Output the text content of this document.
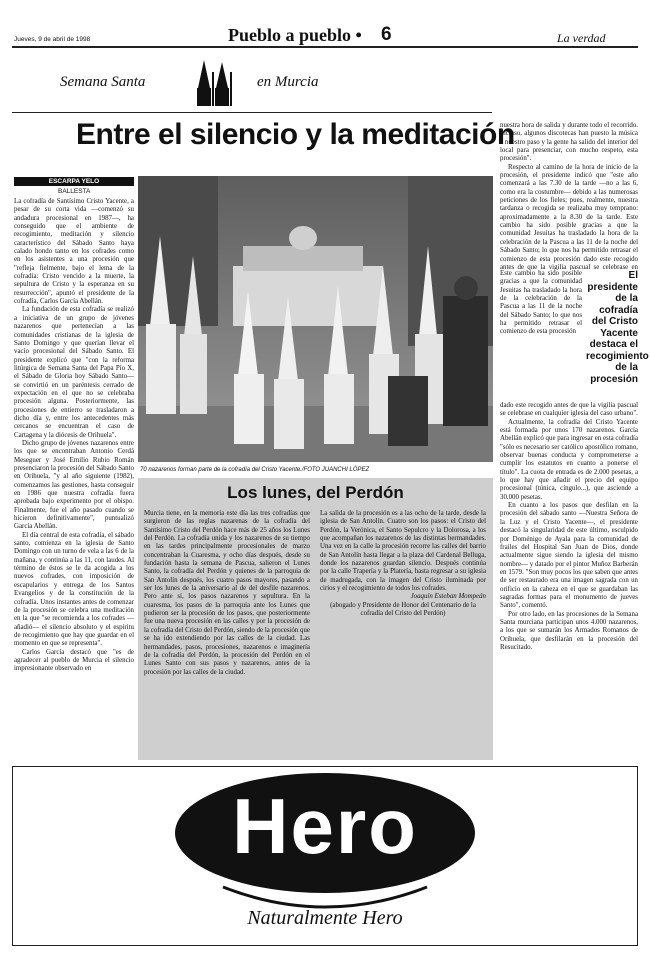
Jueves, 9 de abril de 1998	Pueblo a pueblo • 6	La verdad
Semana Santa	en Murcia
Entre el silencio y la meditación
ESCARPA YELO
BALLESTA

La cofradía de Santísimo Cristo Yacente, a pesar de su corta vida —comenzó su andadura procesional en 1987—, ha conseguido que el ambiente de recogimiento, meditación y silencio característico del Sábado Santo haya calado hondo tanto en los cofrades como en los asistentes a una procesión que "refleja fielmente, bajo el lema de la cofradía: Cristo vencido a la muerte, la sepultura de Cristo y la esperanza en su resurrección", apuntó el presidente de la cofradía, Carlos García Abellán.

La fundación de esta cofradía se realizó a iniciativa de un grupo de jóvenes nazarenos que pertenecían a las comunidades cristianas de la iglesia de Santo Domingo y que querían llevar el vacío procesional del Sábado Santo. El presidente explicó que "con la reforma litúrgica de Semana Santa del Papa Pío X, el Sábado de Gloria hoy Sábado Santo— se convirtió en un paréntesis cerrado de expectación en el que no se celebraba procesión alguna. Posteriormente, las procesiones de entierro se trasladaron a dicho día y, entre los antecedentes más cercanos se encuentran el caso de Cartagena y la diócesis de Orihuela".

Dicho grupo de jóvenes nazarenos entre los que se encontraban Antonio Cerdá Meseguer y José Emilio Rubio Román presenciaron la procesión del Sábado Santo en Orihuela, "y al año siguiente (1982), comenzamos las gestiones, hasta conseguir en 1986 que nuestra cofradía fuera aprobada bajo experimento por el obispo. Finalmente, fue el año pasado cuando se hicieron definitivamente", puntualizó García Abellán.

El día central de esta cofradía, el sábado santo, comienza en la iglesia de Santo Domingo con un turno de vela a las 6 de la mañana, y continúa a las 11, con laudes. Al término de éstos se le da acogida a los nuevos cofrades, con imposición de escapularios y entrega de los Santos Evangelios y de la constitución de la cofradía. Unos instantes antes de comenzar de la procesión se celebra una meditación en la que "se recomienda a los cofrades —añadió— el silencio absoluto y el espíritu de recogimiento que hay que guardar en el momento en que se representa".

Carlos García destacó que "es de agradecer al pueblo de Murcia el silencio impresionante observado en

70 nazarenos forman parte de la cofradía del Cristo Yacente./FOTO JUANCHI LÓPEZ
Los lunes, del Perdón

Murcia tiene, en la memoria este día las tres cofradías que surgieron de las reglas nazarenas de la cofradía del Santísimo Cristo del Perdón hace más de 25 años los Lunes del Perdón. La cofradía unida y los nazarenos de su tiempo en las tardes principalmente procesionales de marzo concentraban la Cuaresma, y ocho días después, desde su fundación hasta la semana de Pascua, salieron el Lunes Santo, la cofradía del Perdón y quienes de la parroquia de San Antolín después, los cuatro pasos mayores, pasando a ser los lunes de la aniversario al de del desfile nazarenos. Pero ante sí, los pasos nazarenos y sepultura. En la cuaresma, los pasos de la parroquia ante los Lunes que pudieron ser la procesión de los pasos, que posteriormente fue una nueva procesión en las calles y por la procesión de la cofradía del Cristo del Perdón, siendo de la procesión que se ha ido extendiendo por las calles de la ciudad. Las hermandades, pasos, procesiones, nazarenos e imaginería de la cofradía del Perdón, la procesión del Perdón en el Lunes Santo con sus pasos y nazarenos, antes de la procesión por las calles de la ciudad.

La salida de la procesión es a las ocho de la tarde, desde la iglesia de San Antolín. Cuatro son los pasos: el Cristo del Perdón, la Verónica, el Santo Sepulcro y la Dolorosa, a los que acompañan los nazarenos de las distintas hermandades. Una vez en la calle la procesión recorre las calles del barrio de San Antolín hasta llegar a la plaza del Cardenal Belluga, donde los nazarenos guardan silencio. Después continúa por la calle Trapería y la Platería, hasta regresar a su iglesia de madrugada, con la imagen del Cristo iluminada por cirios y el recogimiento de todos los cofrades.

Joaquín Esteban Mompeán

(abogado y Presidente de Honor del Centenario de la cofradía del Cristo del Perdón)

nuestra hora de salida y durante todo el recorrido. Incluso, algunos discotecas han puesto la música a nuestro paso y la gente ha salido del interior del local para presenciar, con mucho respeto, esta procesión".

Respecto al camino de la hora de inicio de la procesión, el presidente indicó que "este año comenzará a las 7.30 de la tarde —no a las 6, como era la costumbre— debido a las numerosas peticiones de los fieles; pues, realmente, nuestra tardanza o recogida se realizaba muy temprano: aproximadamente a la 8.30 de la tarde. Este cambio ha sido posible gracias a que la comunidad Jesuitas ha trasladado la hora de la celebración de la Pascua a las 11 de la noche del Sábado Santo; lo que nos ha permitido retrasar el comienzo de esta procesión dado este recogido antes de que la vigilia pascual se celebrase en

Este cambio ha sido posible gracias a que la comunidad Jesuitas ha trasladado la hora de la celebración de la Pascua a las 11 de la noche del Sábado Santo; lo que nos ha permitido retrasar el comienzo de esta procesión

El presidente de la cofradía del Cristo Yacente destaca el recogimiento de la procesión

dado este recogido antes de que la vigilia pascual se celebrase en cualquier iglesia del caso urbano".

Actualmente, la cofradía del Cristo Yacente está formada por unos 170 nazarenos. García Abellán explicó que para ingresar en esta cofradía "sólo es necesario ser católico apostólico romano, observar buenas conducta y comprometerse a cumplir los estatutos en cuanto a ponerse el título". La cuota de entrada es de 2.000 pesetas, a lo que hay que añadir el precio del equipo procesional (túnica, cíngulo...), que asciende a 30.000 pesetas.

En cuanto a los pasos que desfilan en la procesión del sábado santo —Nuestra Señora de la Luz y el Cristo Yacente—, el presidente destacó la singularidad de este último, esculpido por Doménigo de Ayala para la comunidad de frailes del Hospital San Juan de Dios, donde actualmente sigue siendo la iglesia del mismo nombre— y datado por el pintor Muñoz Barberán en 1579. "Son muy pocos los que saben que antes de ser restaurado era una imagen sagrada con un orificio en la cabeza en el que se guardaban las sagradas formas para el monumento de jueves Santo", comentó.

Por otro lado, en las procesiones de la Semana Santa murciana participan unos 4.000 nazarenos, a los que se sumarán los Armados Romanos de Orihuela, que desfilarán en la procesión del Resucitado.

Hero
Naturalmente Hero
